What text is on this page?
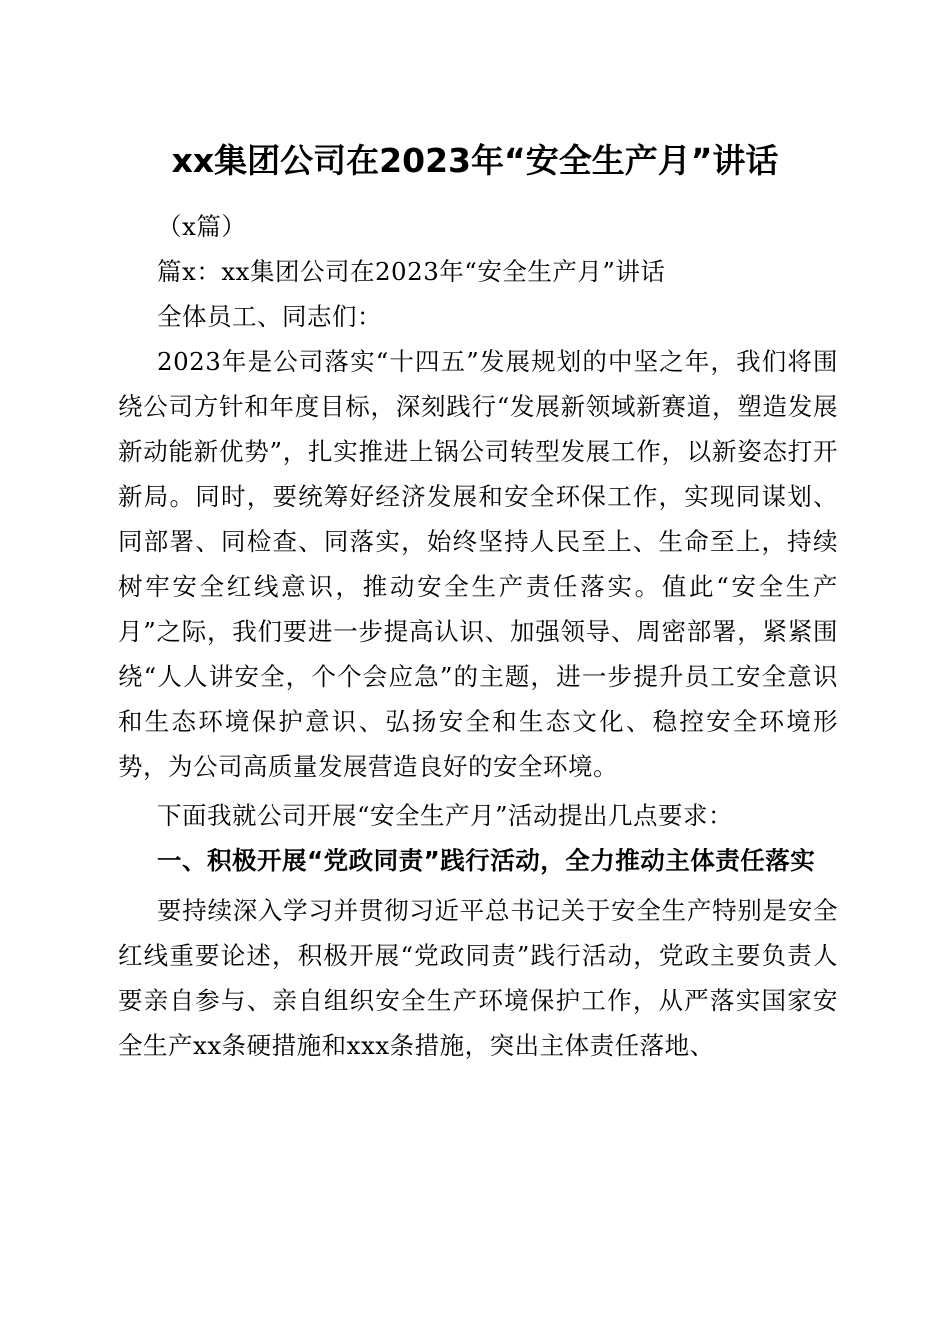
xx集团公司在2023年“安全生产月”讲话

（x篇）

篇x：xx集团公司在2023年“安全生产月”讲话

全体员工、同志们：

2023年是公司落实“十四五”发展规划的中坚之年，我们将围绕公司方针和年度目标，深刻践行“发展新领域新赛道，塑造发展新动能新优势”，扎实推进上锅公司转型发展工作，以新姿态打开新局。同时，要统筹好经济发展和安全环保工作，实现同谋划、同部署、同检查、同落实，始终坚持人民至上、生命至上，持续树牢安全红线意识，推动安全生产责任落实。值此“安全生产月”之际，我们要进一步提高认识、加强领导、周密部署，紧紧围绕“人人讲安全，个个会应急”的主题，进一步提升员工安全意识和生态环境保护意识、弘扬安全和生态文化、稳控安全环境形势，为公司高质量发展营造良好的安全环境。

下面我就公司开展“安全生产月”活动提出几点要求：

一、积极开展“党政同责”践行活动，全力推动主体责任落实

要持续深入学习并贯彻习近平总书记关于安全生产特别是安全红线重要论述，积极开展“党政同责”践行活动，党政主要负责人要亲自参与、亲自组织安全生产环境保护工作，从严落实国家安全生产xx条硬措施和xxx条措施，突出主体责任落地、
